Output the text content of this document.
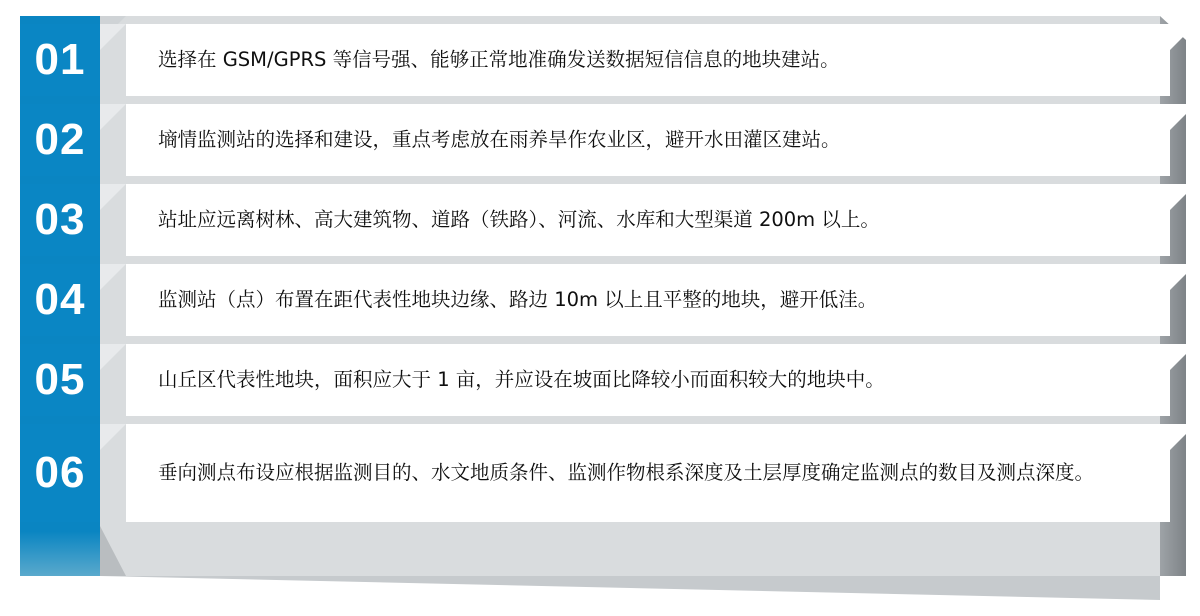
01	选择在 GSM/GPRS 等信号强、能够正常地准确发送数据短信信息的地块建站。
02	墒情监测站的选择和建设，重点考虑放在雨养旱作农业区，避开水田灌区建站。
03	站址应远离树林、高大建筑物、道路（铁路）、河流、水库和大型渠道 200m 以上。
04	监测站（点）布置在距代表性地块边缘、路边 10m 以上且平整的地块，避开低洼。
05	山丘区代表性地块，面积应大于 1 亩，并应设在坡面比降较小而面积较大的地块中。
06	垂向测点布设应根据监测目的、水文地质条件、监测作物根系深度及土层厚度确定监测点的数目及测点深度。
